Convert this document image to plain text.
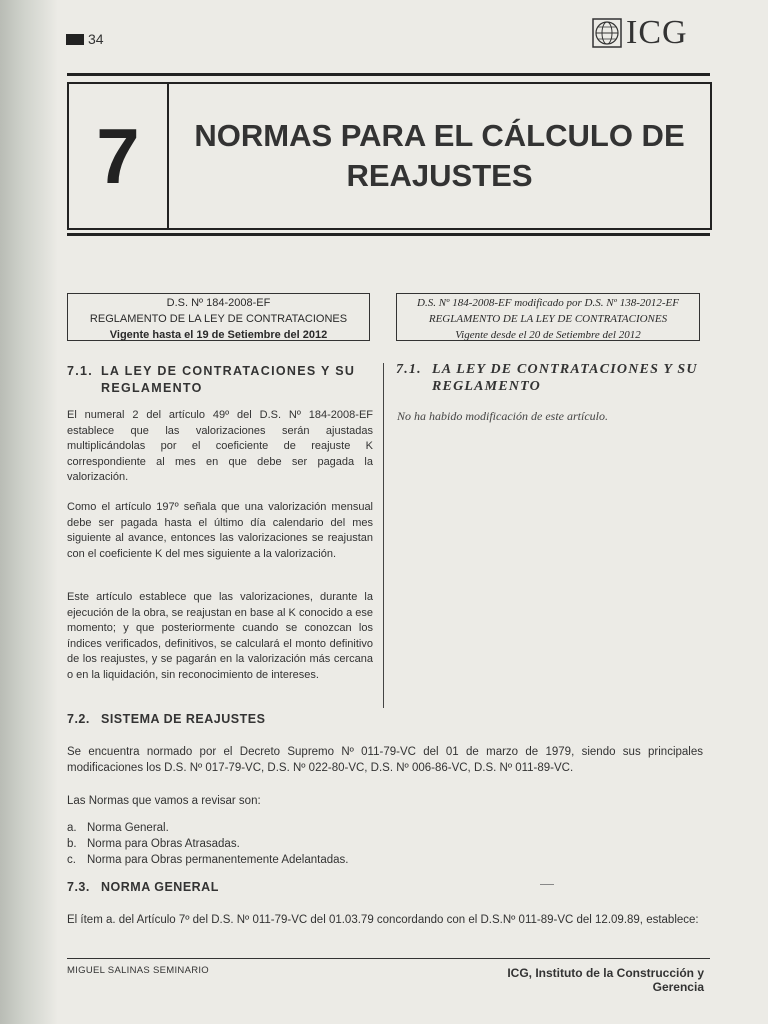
34	ICG
7	NORMAS PARA EL CÁLCULO DE
REAJUSTES
D.S. Nº 184-2008-EF
REGLAMENTO DE LA LEY DE CONTRATACIONES
Vigente hasta el 19 de Setiembre del 2012
D.S. Nº 184-2008-EF modificado por D.S. Nº 138-2012-EF
REGLAMENTO DE LA LEY DE CONTRATACIONES
Vigente desde el 20 de Setiembre del 2012
7.1. LA LEY DE CONTRATACIONES Y SU
REGLAMENTO
7.1. LA LEY DE CONTRATACIONES Y SU
REGLAMENTO
El numeral 2 del artículo 49º del D.S. Nº 184-2008-EF establece que las valorizaciones serán ajustadas multiplicándolas por el coeficiente de reajuste K correspondiente al mes en que debe ser pagada la valorización.
Como el artículo 197º señala que una valorización mensual debe ser pagada hasta el último día calendario del mes siguiente al avance, entonces las valorizaciones se reajustan con el coeficiente K del mes siguiente a la valorización.
Este artículo establece que las valorizaciones, durante la ejecución de la obra, se reajustan en base al K conocido a ese momento; y que posteriormente cuando se conozcan los índices verificados, definitivos, se calculará el monto definitivo de los reajustes, y se pagarán en la valorización más cercana o en la liquidación, sin reconocimiento de intereses.
No ha habido modificación de este artículo.
7.2. SISTEMA DE REAJUSTES
Se encuentra normado por el Decreto Supremo Nº 011-79-VC del 01 de marzo de 1979, siendo sus principales modificaciones los D.S. Nº 017-79-VC, D.S. Nº 022-80-VC, D.S. Nº 006-86-VC, D.S. Nº 011-89-VC.
Las Normas que vamos a revisar son:
a. Norma General.
b. Norma para Obras Atrasadas.
c. Norma para Obras permanentemente Adelantadas.
7.3. NORMA GENERAL
El ítem a. del Artículo 7º del D.S. Nº 011-79-VC del 01.03.79 concordando con el D.S.Nº 011-89-VC del 12.09.89, establece:
MIGUEL SALINAS SEMINARIO	ICG, Instituto de la Construcción y Gerencia
